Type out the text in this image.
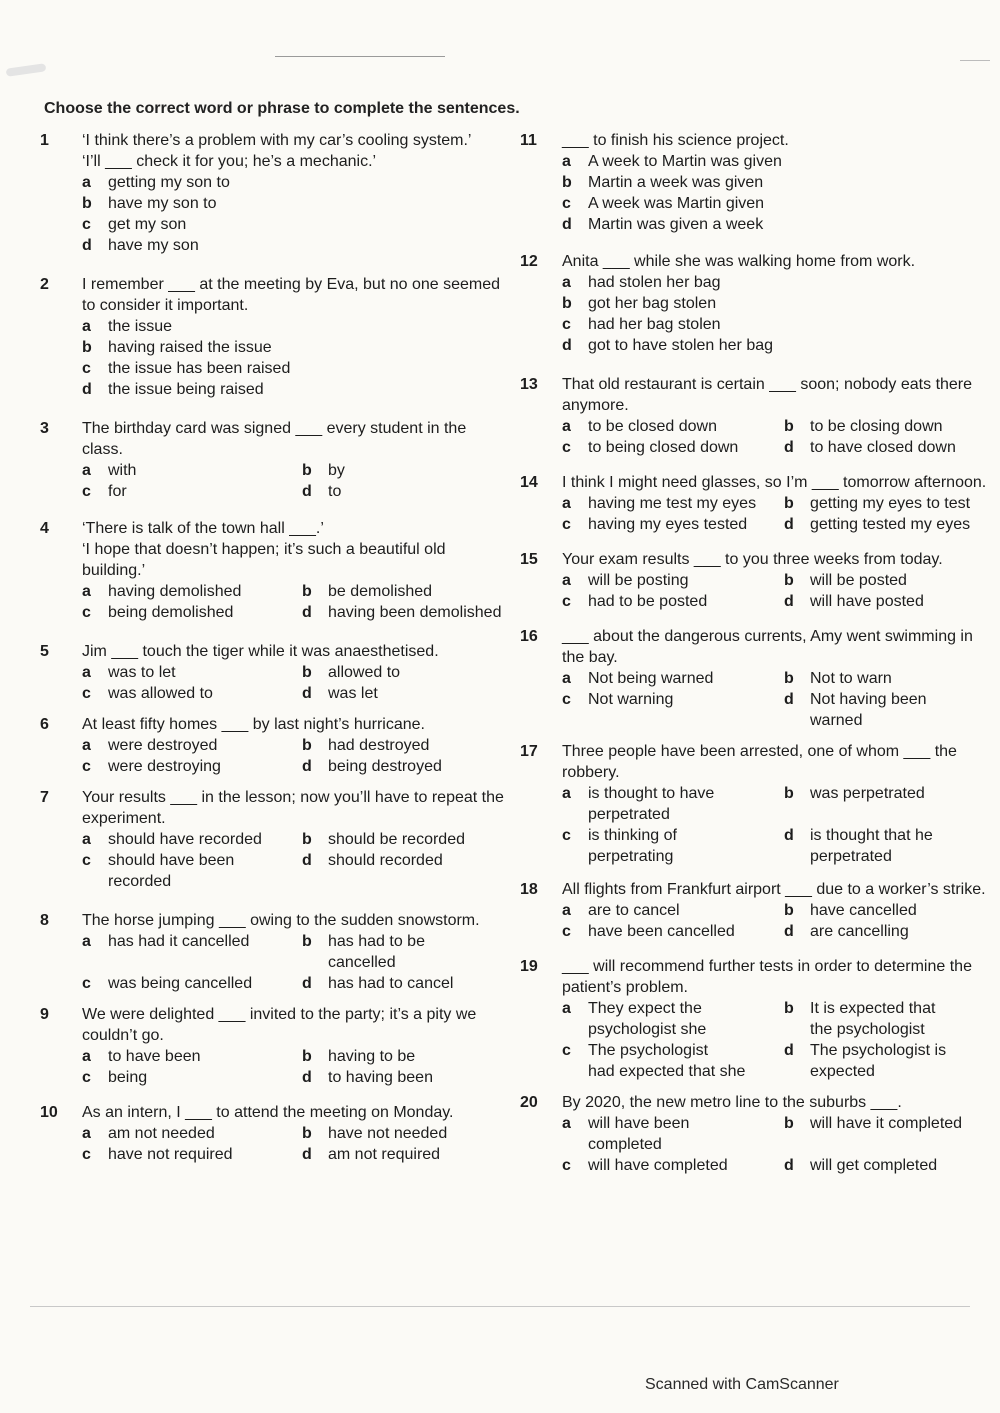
Choose the correct word or phrase to complete the sentences.
1 ‘I think there’s a problem with my car’s cooling system.’
‘I’ll ___ check it for you; he’s a mechanic.’
a	getting my son to
b	have my son to
c	get my son
d	have my son
2 I remember ___ at the meeting by Eva, but no one seemed to consider it important.
a	the issue
b	having raised the issue
c	the issue has been raised
d	the issue being raised
3 The birthday card was signed ___ every student in the class.
a	with	b	by
c	for	d	to
4 ‘There is talk of the town hall ___.’
‘I hope that doesn’t happen; it’s such a beautiful old building.’
a	having demolished	b	be demolished
c	being demolished	d	having been demolished
5 Jim ___ touch the tiger while it was anaesthetised.
a	was to let	b	allowed to
c	was allowed to	d	was let
6 At least fifty homes ___ by last night’s hurricane.
a	were destroyed	b	had destroyed
c	were destroying	d	being destroyed
7 Your results ___ in the lesson; now you’ll have to repeat the experiment.
a	should have recorded	b	should be recorded
c	should have been
recorded
d	should recorded
8 The horse jumping ___ owing to the sudden snowstorm.
a	has had it cancelled	b	has had to be
cancelled
c	was being cancelled	d	has had to cancel
9 We were delighted ___ invited to the party; it’s a pity we couldn’t go.
a	to have been	b	having to be
c	being	d	to having been
10 As an intern, I ___ to attend the meeting on Monday.
a	am not needed	b	have not needed
c	have not required	d	am not required
11 ___ to finish his science project.
a	A week to Martin was given
b	Martin a week was given
c	A week was Martin given
d	Martin was given a week
12 Anita ___ while she was walking home from work.
a	had stolen her bag
b	got her bag stolen
c	had her bag stolen
d	got to have stolen her bag
13 That old restaurant is certain ___ soon; nobody eats there anymore.
a	to be closed down	b	to be closing down
c	to being closed down	d	to have closed down
14 I think I might need glasses, so I’m ___ tomorrow afternoon.
a	having me test my eyes	b	getting my eyes to test
c	having my eyes tested	d	getting tested my eyes
15 Your exam results ___ to you three weeks from today.
a	will be posting	b	will be posted
c	had to be posted	d	will have posted
16 ___ about the dangerous currents, Amy went swimming in the bay.
a	Not being warned	b	Not to warn
c	Not warning	d	Not having been
warned
17 Three people have been arrested, one of whom ___ the robbery.
a	is thought to have
perpetrated
b	was perpetrated
c	is thinking of
perpetrating
d	is thought that he
perpetrated
18 All flights from Frankfurt airport ___ due to a worker’s strike.
a	are to cancel	b	have cancelled
c	have been cancelled	d	are cancelling
19 ___ will recommend further tests in order to determine the patient’s problem.
a	They expect the
psychologist she
b	It is expected that
the psychologist
c	The psychologist
had expected that she
d	The psychologist is
expected
20 By 2020, the new metro line to the suburbs ___.
a	will have been
completed
b	will have it completed
c	will have completed	d	will get completed
Scanned with CamScanner
